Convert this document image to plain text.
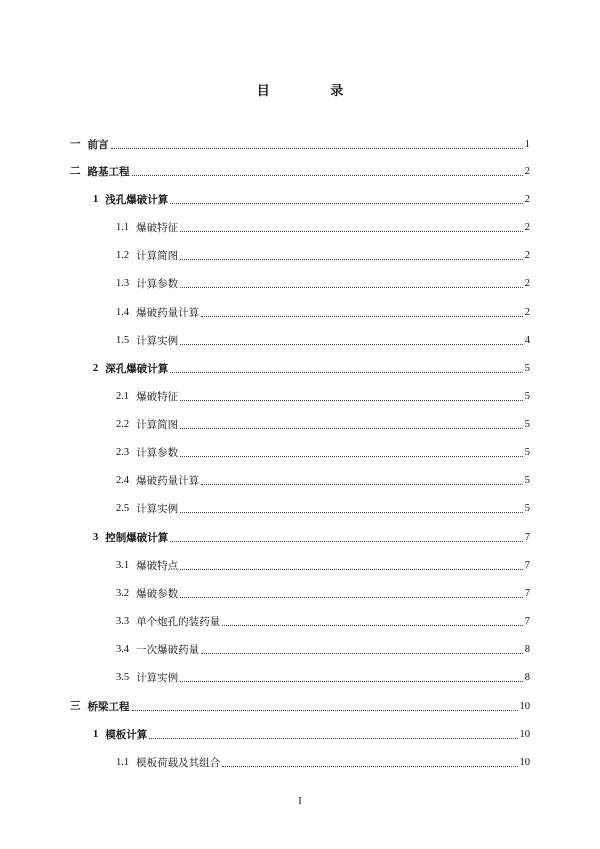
目 录
一 前言	1
二 路基工程	2
1 浅孔爆破计算	2
1.1 爆破特征	2
1.2 计算简图	2
1.3 计算参数	2
1.4 爆破药量计算	2
1.5 计算实例	4
2 深孔爆破计算	5
2.1 爆破特征	5
2.2 计算简图	5
2.3 计算参数	5
2.4 爆破药量计算	5
2.5 计算实例	5
3 控制爆破计算	7
3.1 爆破特点	7
3.2 爆破参数	7
3.3 单个炮孔的装药量	7
3.4 一次爆破药量	8
3.5 计算实例	8
三 桥梁工程	10
1 模板计算	10
1.1 模板荷载及其组合	10
I
